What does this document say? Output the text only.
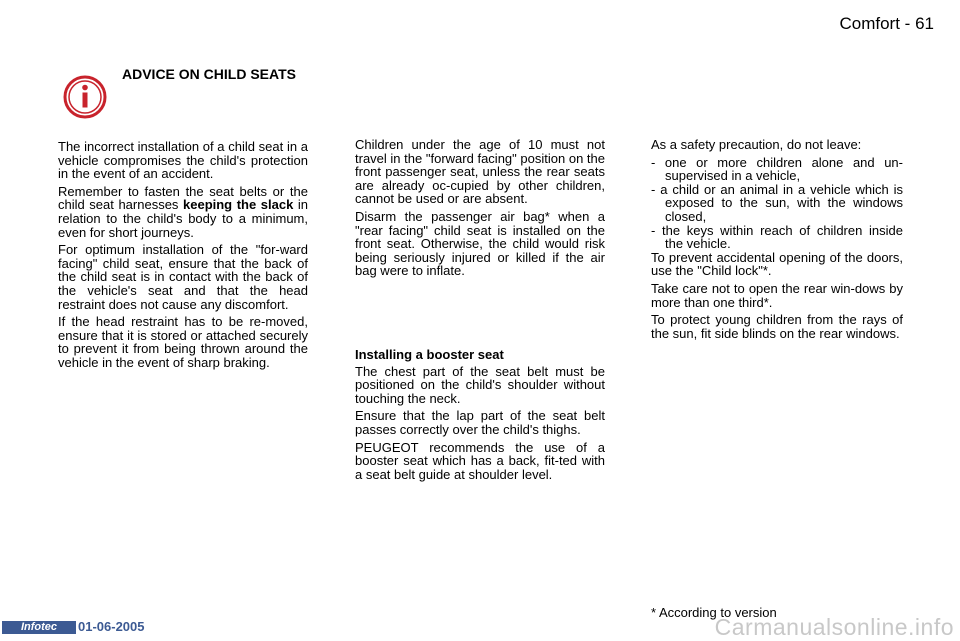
Comfort - 61
ADVICE ON CHILD SEATS

The incorrect installation of a child seat in a vehicle compromises the child's protection in the event of an accident.

Remember to fasten the seat belts or the child seat harnesses keeping the slack in relation to the child's body to a minimum, even for short journeys.

For optimum installation of the "for-ward facing" child seat, ensure that the back of the child seat is in contact with the back of the vehicle's seat and that the head restraint does not cause any discomfort.

If the head restraint has to be re-moved, ensure that it is stored or attached securely to prevent it from being thrown around the vehicle in the event of sharp braking.

Children under the age of 10 must not travel in the "forward facing" position on the front passenger seat, unless the rear seats are already oc-cupied by other children, cannot be used or are absent.

Disarm the passenger air bag* when a "rear facing" child seat is installed on the front seat. Otherwise, the child would risk being seriously injured or killed if the air bag were to inflate.

Installing a booster seat

The chest part of the seat belt must be positioned on the child's shoulder without touching the neck.

Ensure that the lap part of the seat belt passes correctly over the child's thighs.

PEUGEOT recommends the use of a booster seat which has a back, fit-ted with a seat belt guide at shoulder level.

As a safety precaution, do not leave:

- one or more children alone and un-supervised in a vehicle,
- a child or an animal in a vehicle which is exposed to the sun, with the windows closed,
- the keys within reach of children inside the vehicle.

To prevent accidental opening of the doors, use the "Child lock"*.

Take care not to open the rear win-dows by more than one third*.

To protect young children from the rays of the sun, fit side blinds on the rear windows.

* According to version
Infotec	01-06-2005	Carmanualsonline.info
